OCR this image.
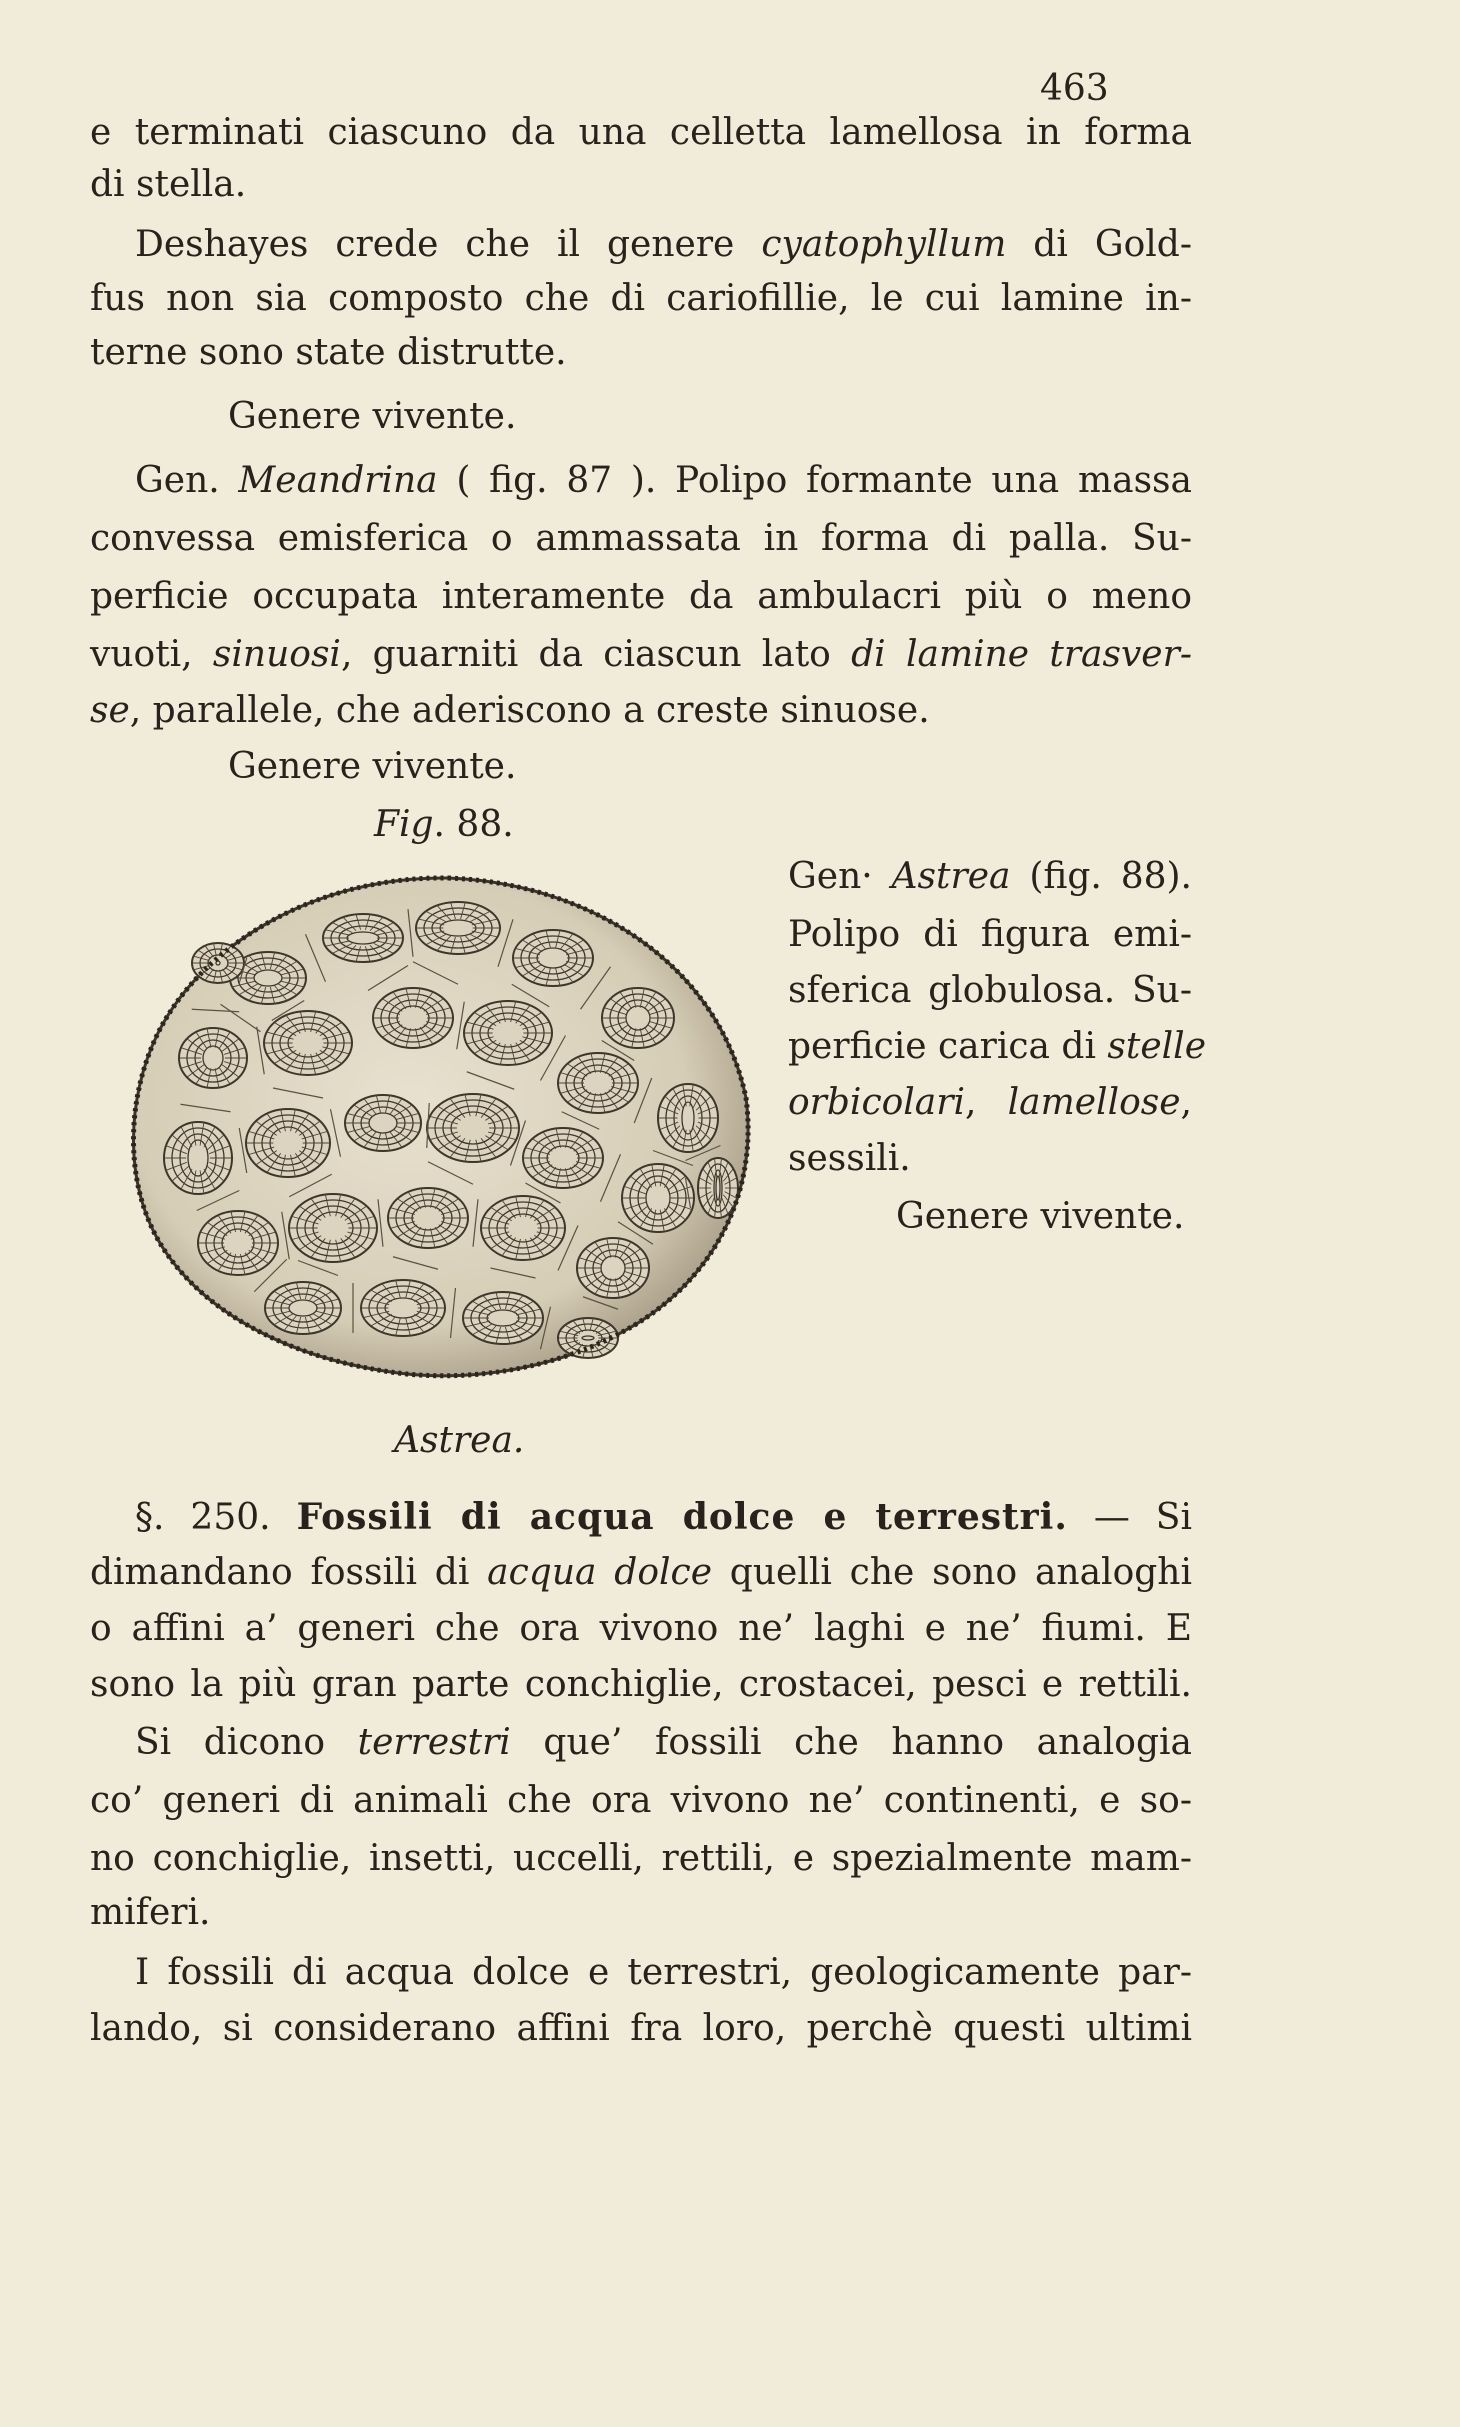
463
e terminati ciascuno da una celletta lamellosa in forma
di stella.
Deshayes crede che il genere cyatophyllum di Gold-
fus non sia composto che di cariofillie, le cui lamine in-
terne sono state distrutte.
Genere vivente.
Gen. Meandrina ( fig. 87 ). Polipo formante una massa
convessa emisferica o ammassata in forma di palla. Su-
perficie occupata interamente da ambulacri più o meno
vuoti, sinuosi, guarniti da ciascun lato di lamine trasver-
se, parallele, che aderiscono a creste sinuose.
Genere vivente.
Fig. 88.
Astrea.
Gen· Astrea (fig. 88).
Polipo di figura emi-
sferica globulosa. Su-
perficie carica di stelle
orbicolari, lamellose,
sessili.
Genere vivente.
§. 250. Fossili di acqua dolce e terrestri. — Si
dimandano fossili di acqua dolce quelli che sono analoghi
o affini a’ generi che ora vivono ne’ laghi e ne’ fiumi. E
sono la più gran parte conchiglie, crostacei, pesci e rettili.
Si dicono terrestri que’ fossili che hanno analogia
co’ generi di animali che ora vivono ne’ continenti, e so-
no conchiglie, insetti, uccelli, rettili, e spezialmente mam-
miferi.
I fossili di acqua dolce e terrestri, geologicamente par-
lando, si considerano affini fra loro, perchè questi ultimi
